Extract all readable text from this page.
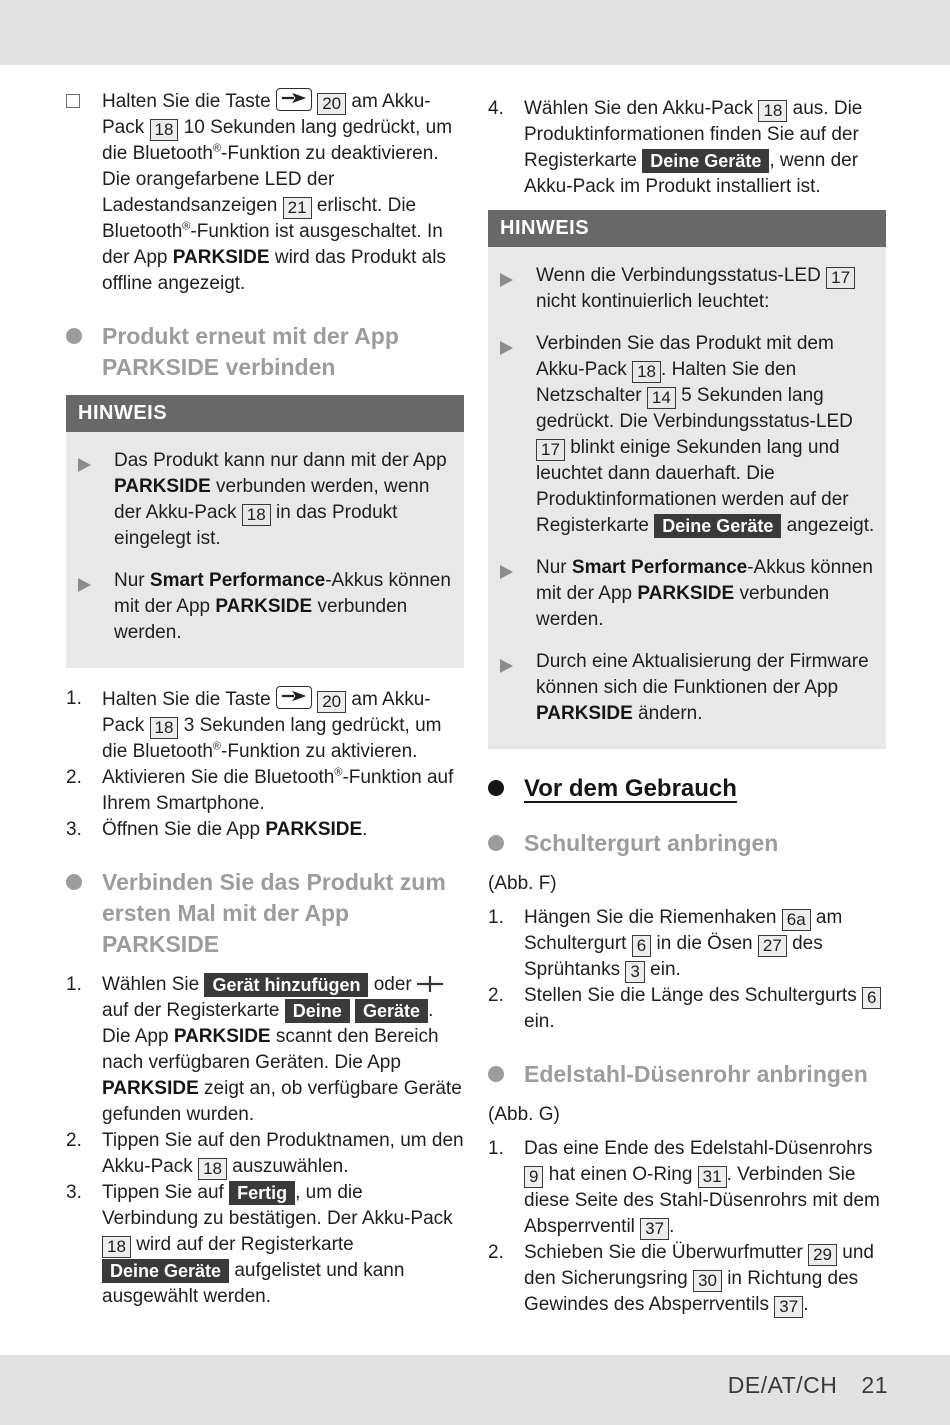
Halten Sie die Taste	20 am Akku-Pack 18 10 Sekunden lang gedrückt, um die Bluetooth®-Funktion zu deaktivieren. Die orangefarbene LED der Ladestandsanzeigen 21 erlischt. Die Bluetooth®-Funktion ist ausgeschaltet. In der App PARKSIDE wird das Produkt als offline angezeigt.
Produkt erneut mit der App PARKSIDE verbinden
HINWEIS
Das Produkt kann nur dann mit der App PARKSIDE verbunden werden, wenn der Akku-Pack 18 in das Produkt eingelegt ist.
Nur Smart Performance-Akkus können mit der App PARKSIDE verbunden werden.
1.	Halten Sie die Taste	20 am Akku-Pack 18 3 Sekunden lang gedrückt, um die Bluetooth®-Funktion zu aktivieren.
2.	Aktivieren Sie die Bluetooth®-Funktion auf Ihrem Smartphone.
3.	Öffnen Sie die App PARKSIDE.
Verbinden Sie das Produkt zum ersten Mal mit der App PARKSIDE
1.	Wählen Sie Gerät hinzufügen oder  auf der Registerkarte Deine Geräte . Die App PARKSIDE scannt den Bereich nach verfügbaren Geräten. Die App PARKSIDE zeigt an, ob verfügbare Geräte gefunden wurden.
2.	Tippen Sie auf den Produktnamen, um den Akku-Pack 18 auszuwählen.
3.	Tippen Sie auf Fertig , um die Verbindung zu bestätigen. Der Akku-Pack 18 wird auf der Registerkarte Deine Geräte aufgelistet und kann ausgewählt werden.
4.	Wählen Sie den Akku-Pack 18 aus. Die Produktinformationen finden Sie auf der Registerkarte Deine Geräte , wenn der Akku-Pack im Produkt installiert ist.
HINWEIS
Wenn die Verbindungsstatus-LED 17 nicht kontinuierlich leuchtet:
Verbinden Sie das Produkt mit dem Akku-Pack 18 . Halten Sie den Netzschalter 14 5 Sekunden lang gedrückt. Die Verbindungsstatus-LED 17 blinkt einige Sekunden lang und leuchtet dann dauerhaft. Die Produktinformationen werden auf der Registerkarte Deine Geräte angezeigt.
Nur Smart Performance-Akkus können mit der App PARKSIDE verbunden werden.
Durch eine Aktualisierung der Firmware können sich die Funktionen der App PARKSIDE ändern.
Vor dem Gebrauch
Schultergurt anbringen
(Abb. F)
1.	Hängen Sie die Riemenhaken 6a am Schultergurt 6 in die Ösen 27 des Sprühtanks 3 ein.
2.	Stellen Sie die Länge des Schultergurts 6 ein.
Edelstahl-Düsenrohr anbringen
(Abb. G)
1.	Das eine Ende des Edelstahl-Düsenrohrs 9 hat einen O-Ring 31 . Verbinden Sie diese Seite des Stahl-Düsenrohrs mit dem Absperrventil 37 .
2.	Schieben Sie die Überwurfmutter 29 und den Sicherungsring 30 in Richtung des Gewindes des Absperrventils 37 .
DE/AT/CH 21
